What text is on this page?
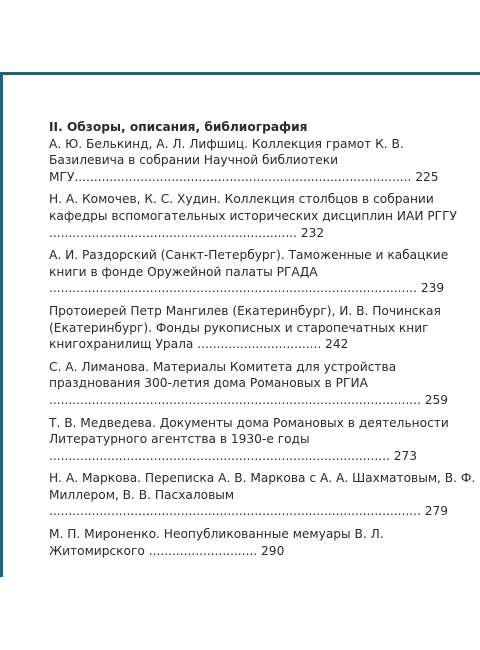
II. Обзоры, описания, библиография

А. Ю. Белькинд, А. Л. Лифшиц. Коллекция грамот К. В.

Базилевича в собрании Научной библиотеки

МГУ....................................................................................... 225

Н. А. Комочев, К. С. Худин. Коллекция столбцов в собрании

кафедры вспомогательных исторических дисциплин ИАИ РГГУ

................................................................ 232

А. И. Раздорский (Санкт-Петербург). Таможенные и кабацкие

книги в фонде Оружейной палаты РГАДА

............................................................................................... 239

Протоиерей Петр Мангилев (Екатеринбург), И. В. Починская

(Екатеринбург). Фонды рукописных и старопечатных книг

книгохранилищ Урала ................................ 242

С. А. Лиманова. Материалы Комитета для устройства

празднования 300-летия дома Романовых в РГИА

................................................................................................ 259

Т. В. Медведева. Документы дома Романовых в деятельности

Литературного агентства в 1930-е годы

........................................................................................ 273

Н. А. Маркова. Переписка А. В. Маркова с А. А. Шахматовым, В. Ф.

Миллером, В. В. Пасхаловым

................................................................................................ 279

М. П. Мироненко. Неопубликованные мемуары В. Л.

Житомирского ............................ 290
